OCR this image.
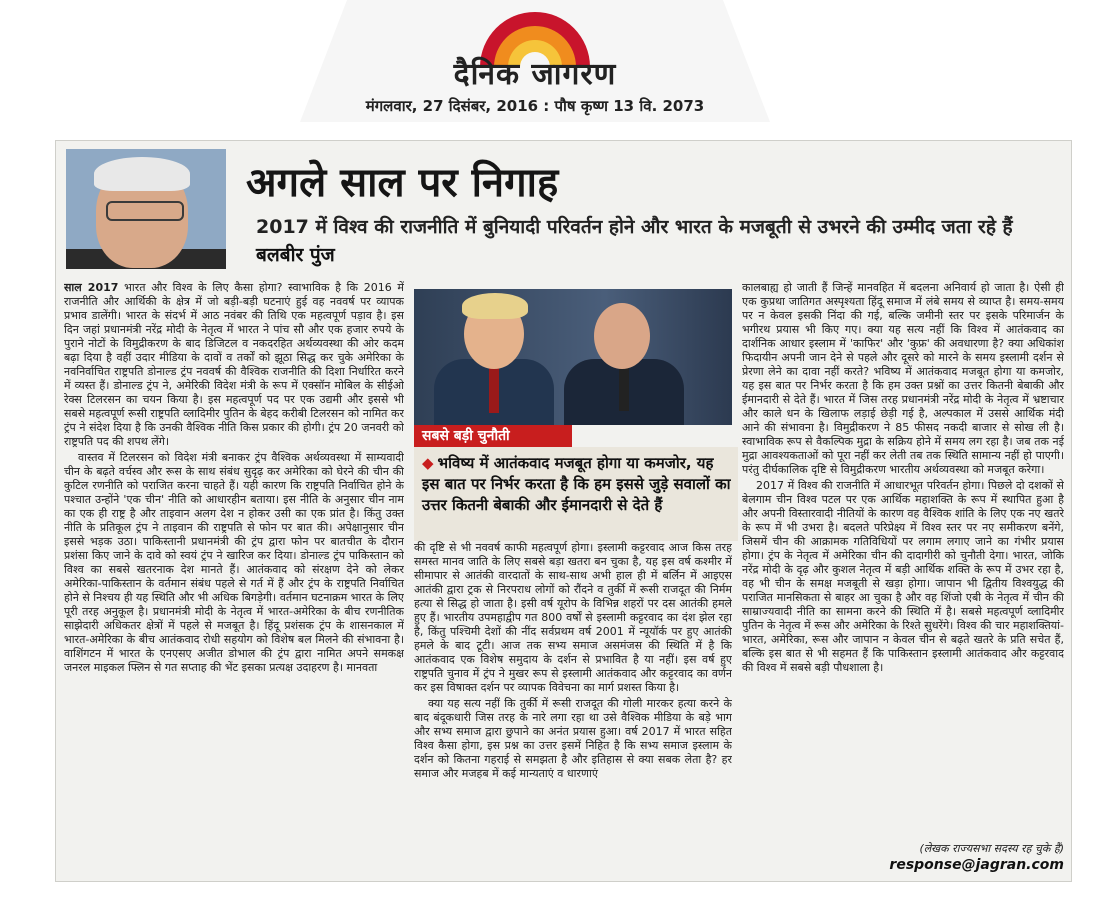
दैनिक जागरण
मंगलवार, 27 दिसंबर, 2016 : पौष कृष्ण 13 वि. 2073
अगले साल पर निगाह
2017 में विश्व की राजनीति में बुनियादी परिवर्तन होने और भारत के मजबूती से उभरने की उम्मीद जता रहे हैं बलबीर पुंज

साल 2017 भारत और विश्व के लिए कैसा होगा? स्वाभाविक है कि 2016 में राजनीति और आर्थिकी के क्षेत्र में जो बड़ी-बड़ी घटनाएं हुई वह नववर्ष पर व्यापक प्रभाव डालेंगी। भारत के संदर्भ में आठ नवंबर की तिथि एक महत्वपूर्ण पड़ाव है। इस दिन जहां प्रधानमंत्री नरेंद्र मोदी के नेतृत्व में भारत ने पांच सौ और एक हजार रुपये के पुराने नोटों के विमुद्रीकरण के बाद डिजिटल व नकदरहित अर्थव्यवस्था की ओर कदम बढ़ा दिया है वहीं उदार मीडिया के दावों व तर्कों को झूठा सिद्ध कर चुके अमेरिका के नवनिर्वाचित राष्ट्रपति डोनाल्ड ट्रंप नववर्ष की वैश्विक राजनीति की दिशा निर्धारित करने में व्यस्त हैं। डोनाल्ड ट्रंप ने, अमेरिकी विदेश मंत्री के रूप में एक्सॉन मोबिल के सीईओ रेक्स टिलरसन का चयन किया है। इस महत्वपूर्ण पद पर एक उद्यमी और इससे भी सबसे महत्वपूर्ण रूसी राष्ट्रपति व्लादिमीर पुतिन के बेहद करीबी टिलरसन को नामित कर ट्रंप ने संदेश दिया है कि उनकी वैश्विक नीति किस प्रकार की होगी। ट्रंप 20 जनवरी को राष्ट्रपति पद की शपथ लेंगे।

वास्तव में टिलरसन को विदेश मंत्री बनाकर ट्रंप वैश्विक अर्थव्यवस्था में साम्यवादी चीन के बढ़ते वर्चस्व और रूस के साथ संबंध सुदृढ़ कर अमेरिका को घेरने की चीन की कुटिल रणनीति को पराजित करना चाहते हैं। यही कारण कि राष्ट्रपति निर्वाचित होने के पश्चात उन्होंने 'एक चीन' नीति को आधारहीन बताया। इस नीति के अनुसार चीन नाम का एक ही राष्ट्र है और ताइवान अलग देश न होकर उसी का एक प्रांत है। किंतु उक्त नीति के प्रतिकूल ट्रंप ने ताइवान की राष्ट्रपति से फोन पर बात की। अपेक्षानुसार चीन इससे भड़क उठा। पाकिस्तानी प्रधानमंत्री की ट्रंप द्वारा फोन पर बातचीत के दौरान प्रशंसा किए जाने के दावे को स्वयं ट्रंप ने खारिज कर दिया। डोनाल्ड ट्रंप पाकिस्तान को विश्व का सबसे खतरनाक देश मानते हैं। आतंकवाद को संरक्षण देने को लेकर अमेरिका-पाकिस्तान के वर्तमान संबंध पहले से गर्त में हैं और ट्रंप के राष्ट्रपति निर्वाचित होने से निश्चय ही यह स्थिति और भी अधिक बिगड़ेगी। वर्तमान घटनाक्रम भारत के लिए पूरी तरह अनुकूल है। प्रधानमंत्री मोदी के नेतृत्व में भारत-अमेरिका के बीच रणनीतिक साझेदारी अधिकतर क्षेत्रों में पहले से मजबूत है। हिंदू प्रशंसक ट्रंप के शासनकाल में भारत-अमेरिका के बीच आतंकवाद रोधी सहयोग को विशेष बल मिलने की संभावना है। वाशिंगटन में भारत के एनएसए अजीत डोभाल की ट्रंप द्वारा नामित अपने समकक्ष जनरल माइकल फ्लिन से गत सप्ताह की भेंट इसका प्रत्यक्ष उदाहरण है। मानवता

सबसे बड़ी चुनौती
◆ भविष्य में आतंकवाद मजबूत होगा या कमजोर, यह इस बात पर निर्भर करता है कि हम इससे जुड़े सवालों का उत्तर कितनी बेबाकी और ईमानदारी से देते हैं

की दृष्टि से भी नववर्ष काफी महत्वपूर्ण होगा। इस्लामी कट्टरवाद आज किस तरह समस्त मानव जाति के लिए सबसे बड़ा खतरा बन चुका है, यह इस वर्ष कश्मीर में सीमापार से आतंकी वारदातों के साथ-साथ अभी हाल ही में बर्लिन में आइएस आतंकी द्वारा ट्रक से निरपराध लोगों को रौंदने व तुर्की में रूसी राजदूत की निर्मम हत्या से सिद्ध हो जाता है। इसी वर्ष यूरोप के विभिन्न शहरों पर दस आतंकी हमले हुए हैं। भारतीय उपमहाद्वीप गत 800 वर्षों से इस्लामी कट्टरवाद का दंश झेल रहा है, किंतु पश्चिमी देशों की नींद सर्वप्रथम वर्ष 2001 में न्यूयॉर्क पर हुए आतंकी हमले के बाद टूटी। आज तक सभ्य समाज असमंजस की स्थिति में है कि आतंकवाद एक विशेष समुदाय के दर्शन से प्रभावित है या नहीं। इस वर्ष हुए राष्ट्रपति चुनाव में ट्रंप ने मुखर रूप से इस्लामी आतंकवाद और कट्टरवाद का वर्णन कर इस विषाक्त दर्शन पर व्यापक विवेचना का मार्ग प्रशस्त किया है।

क्या यह सत्य नहीं कि तुर्की में रूसी राजदूत की गोली मारकर हत्या करने के बाद बंदूकधारी जिस तरह के नारे लगा रहा था उसे वैश्विक मीडिया के बड़े भाग और सभ्य समाज द्वारा छुपाने का अनंत प्रयास हुआ। वर्ष 2017 में भारत सहित विश्व कैसा होगा, इस प्रश्न का उत्तर इसमें निहित है कि सभ्य समाज इस्लाम के दर्शन को कितना गहराई से समझता है और इतिहास से क्या सबक लेता है? हर समाज और मजहब में कई मान्यताएं व धारणाएं

कालबाह्य हो जाती हैं जिन्हें मानवहित में बदलना अनिवार्य हो जाता है। ऐसी ही एक कुप्रथा जातिगत अस्पृश्यता हिंदू समाज में लंबे समय से व्याप्त है। समय-समय पर न केवल इसकी निंदा की गई, बल्कि जमीनी स्तर पर इसके परिमार्जन के भगीरथ प्रयास भी किए गए। क्या यह सत्य नहीं कि विश्व में आतंकवाद का दार्शनिक आधार इस्लाम में 'काफिर' और 'कुफ्र' की अवधारणा है? क्या अधिकांश फिदायीन अपनी जान देने से पहले और दूसरे को मारने के समय इस्लामी दर्शन से प्रेरणा लेने का दावा नहीं करते? भविष्य में आतंकवाद मजबूत होगा या कमजोर, यह इस बात पर निर्भर करता है कि हम उक्त प्रश्नों का उत्तर कितनी बेबाकी और ईमानदारी से देते हैं। भारत में जिस तरह प्रधानमंत्री नरेंद्र मोदी के नेतृत्व में भ्रष्टाचार और काले धन के खिलाफ लड़ाई छेड़ी गई है, अल्पकाल में उससे आर्थिक मंदी आने की संभावना है। विमुद्रीकरण ने 85 फीसद नकदी बाजार से सोख ली है। स्वाभाविक रूप से वैकल्पिक मुद्रा के सक्रिय होने में समय लग रहा है। जब तक नई मुद्रा आवश्यकताओं को पूरा नहीं कर लेती तब तक स्थिति सामान्य नहीं हो पाएगी। परंतु दीर्घकालिक दृष्टि से विमुद्रीकरण भारतीय अर्थव्यवस्था को मजबूत करेगा।

2017 में विश्व की राजनीति में आधारभूत परिवर्तन होगा। पिछले दो दशकों से बेलगाम चीन विश्व पटल पर एक आर्थिक महाशक्ति के रूप में स्थापित हुआ है और अपनी विस्तारवादी नीतियों के कारण वह वैश्विक शांति के लिए एक नए खतरे के रूप में भी उभरा है। बदलते परिप्रेक्ष्य में विश्व स्तर पर नए समीकरण बनेंगे, जिसमें चीन की आक्रामक गतिविधियों पर लगाम लगाए जाने का गंभीर प्रयास होगा। ट्रंप के नेतृत्व में अमेरिका चीन की दादागीरी को चुनौती देगा। भारत, जोकि नरेंद्र मोदी के दृढ़ और कुशल नेतृत्व में बड़ी आर्थिक शक्ति के रूप में उभर रहा है, वह भी चीन के समक्ष मजबूती से खड़ा होगा। जापान भी द्वितीय विश्वयुद्ध की पराजित मानसिकता से बाहर आ चुका है और वह शिंजो एबी के नेतृत्व में चीन की साम्राज्यवादी नीति का सामना करने की स्थिति में है। सबसे महत्वपूर्ण व्लादिमीर पुतिन के नेतृत्व में रूस और अमेरिका के रिश्ते सुधरेंगे। विश्व की चार महाशक्तियां-भारत, अमेरिका, रूस और जापान न केवल चीन से बढ़ते खतरे के प्रति सचेत हैं, बल्कि इस बात से भी सहमत हैं कि पाकिस्तान इस्लामी आतंकवाद और कट्टरवाद की विश्व में सबसे बड़ी पौधशाला है।

(लेखक राज्यसभा सदस्य रह चुके हैं)
response@jagran.com
